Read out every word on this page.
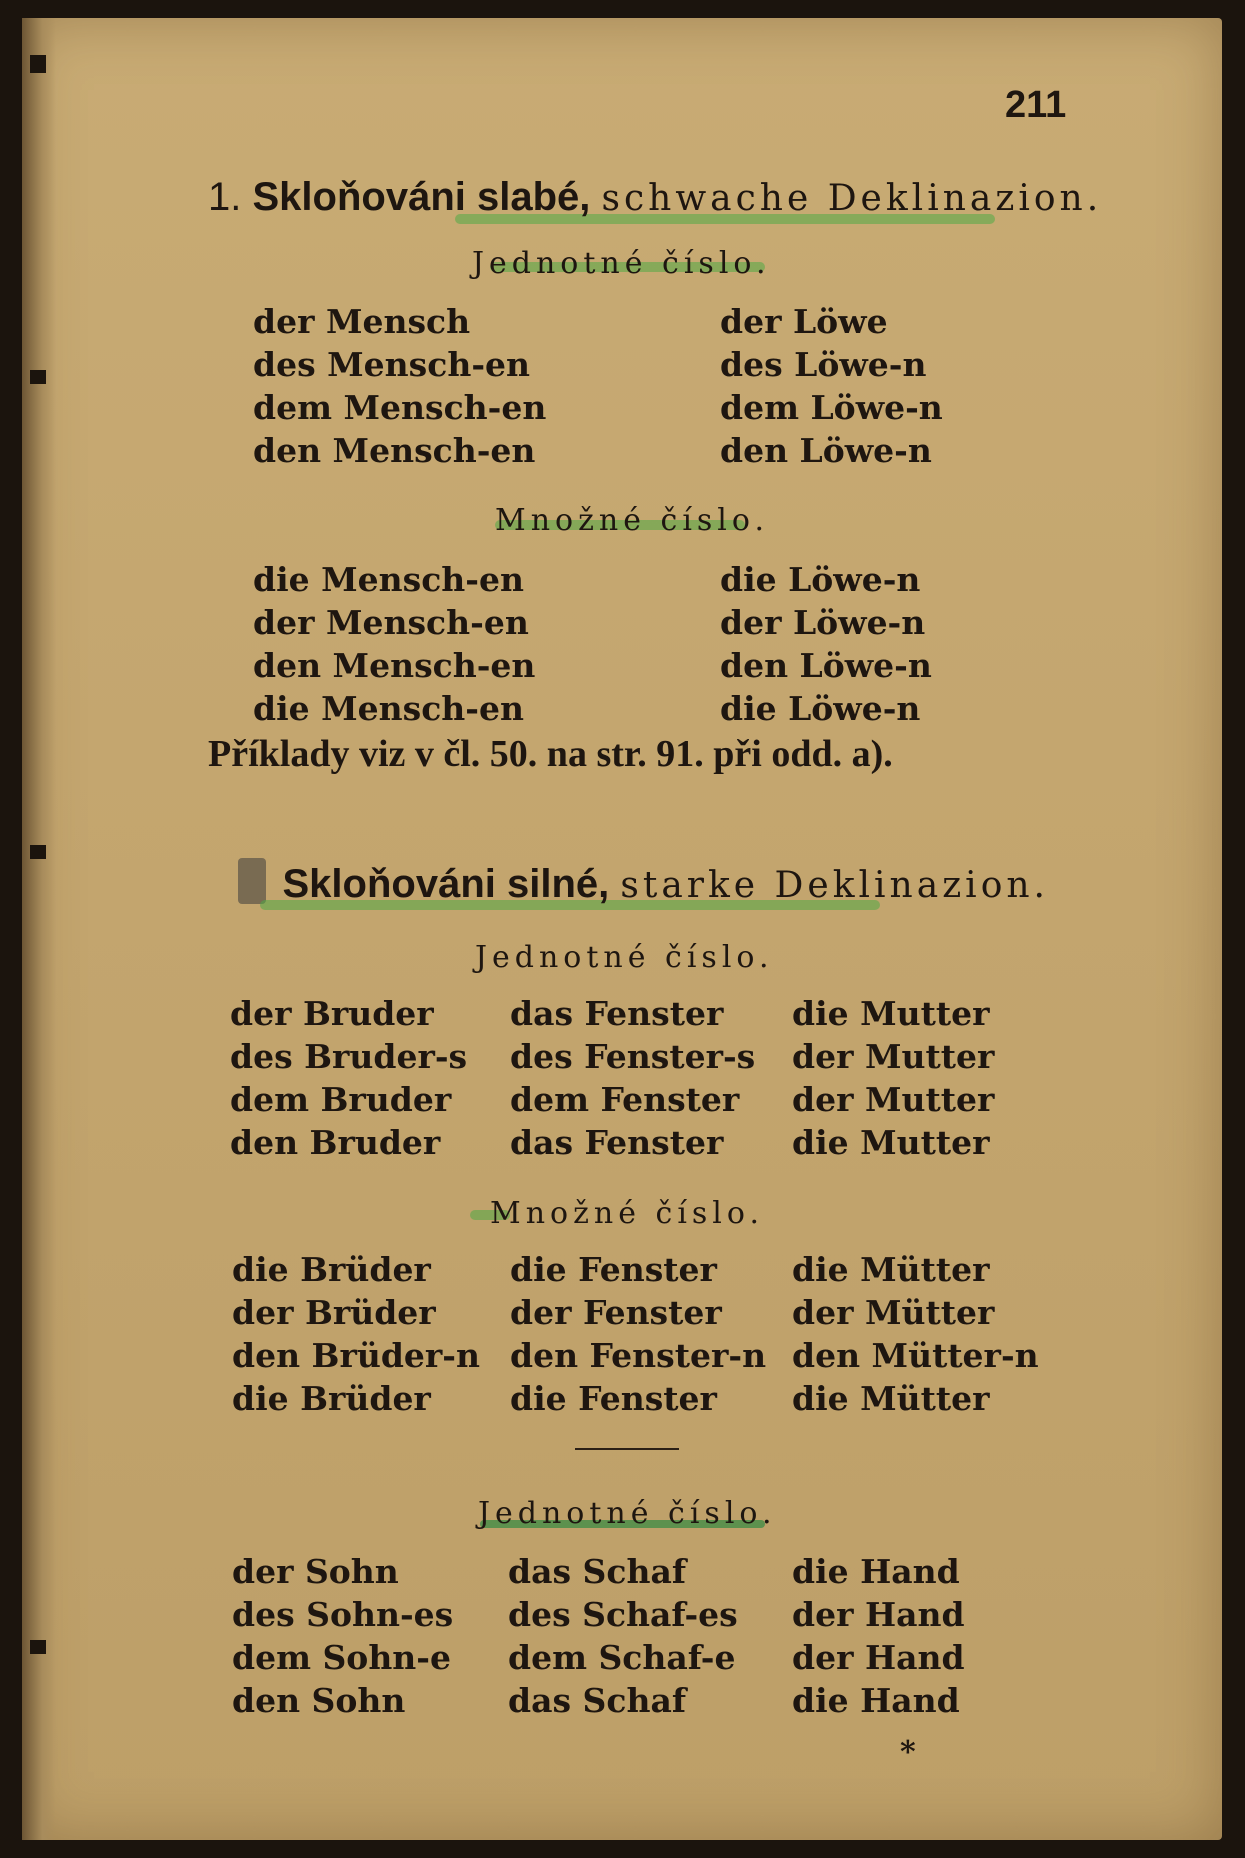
211
1. Skloňováni slabé, schwache Deklinazion.
Jednotné číslo.
der Mensch
des Mensch-en
dem Mensch-en
den Mensch-en
der Löwe
des Löwe-n
dem Löwe-n
den Löwe-n
Množné číslo.
die Mensch-en
der Mensch-en
den Mensch-en
die Mensch-en
die Löwe-n
der Löwe-n
den Löwe-n
die Löwe-n
Příklady viz v čl. 50. na str. 91. při odd. a).
Skloňováni silné, starke Deklinazion.
Jednotné číslo.
der Bruder
des Bruder-s
dem Bruder
den Bruder
das Fenster
des Fenster-s
dem Fenster
das Fenster
die Mutter
der Mutter
der Mutter
die Mutter
Množné číslo.
die Brüder
der Brüder
den Brüder-n
die Brüder
die Fenster
der Fenster
den Fenster-n
die Fenster
die Mütter
der Mütter
den Mütter-n
die Mütter
Jednotné číslo.
der Sohn
des Sohn-es
dem Sohn-e
den Sohn
das Schaf
des Schaf-es
dem Schaf-e
das Schaf
die Hand
der Hand
der Hand
die Hand
*
